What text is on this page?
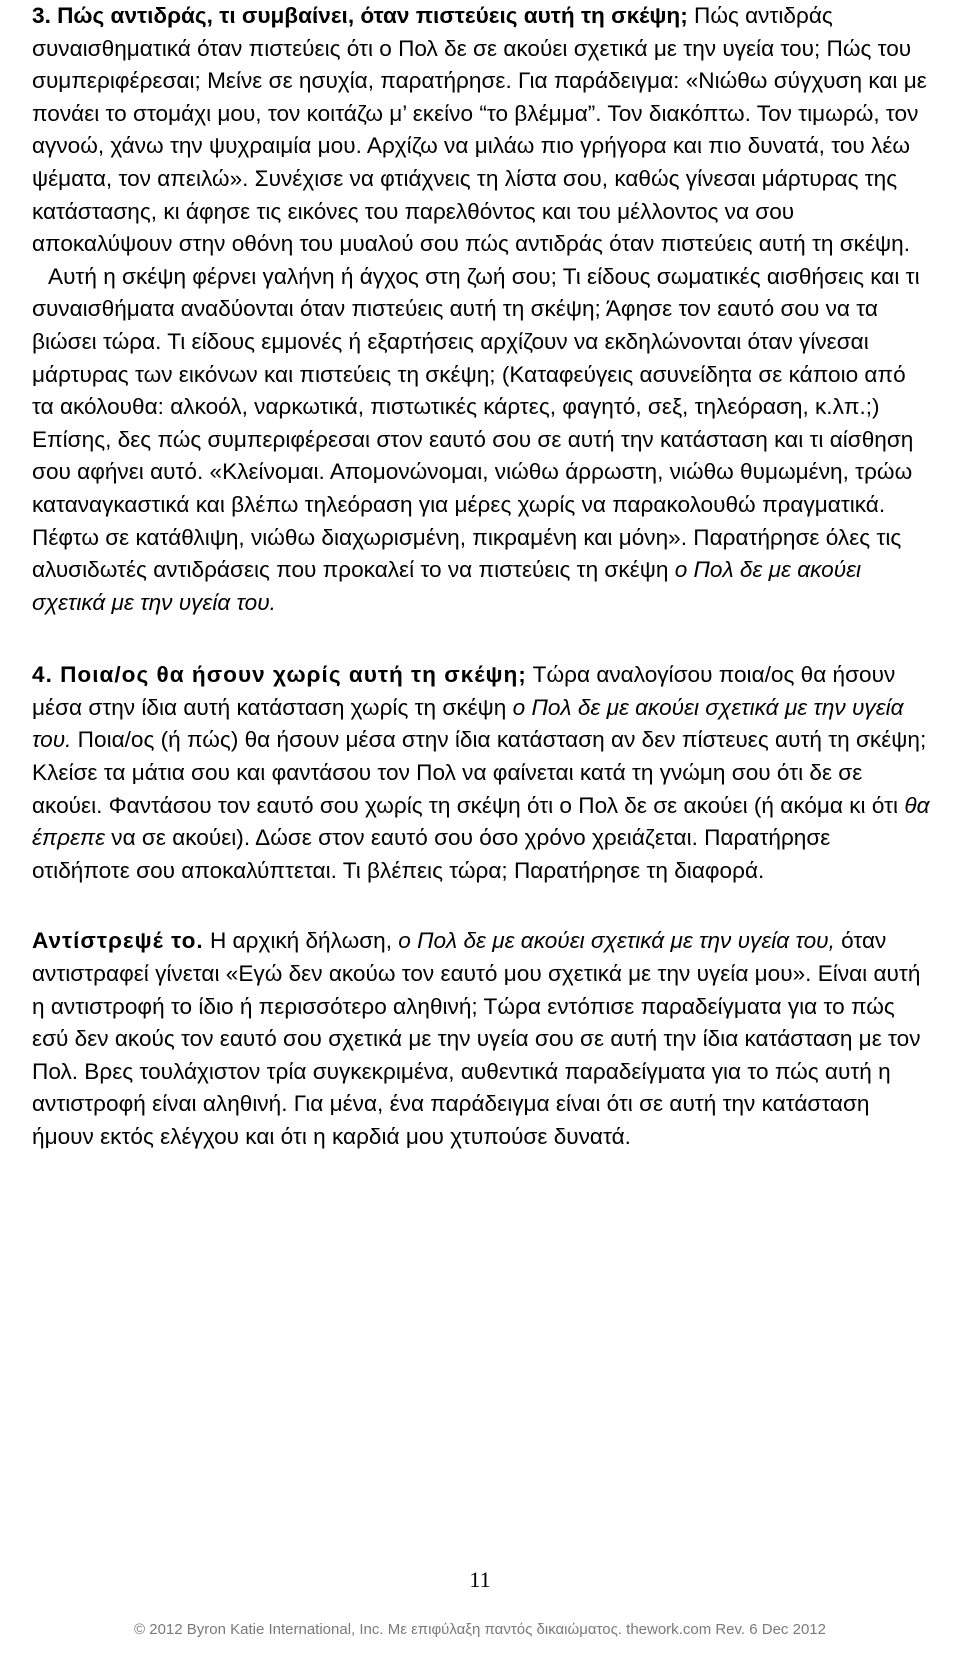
3. Πώς αντιδράς, τι συμβαίνει, όταν πιστεύεις αυτή τη σκέψη; Πώς αντιδράς συναισθηματικά όταν πιστεύεις ότι ο Πολ δε σε ακούει σχετικά με την υγεία του; Πώς του συμπεριφέρεσαι; Μείνε σε ησυχία, παρατήρησε. Για παράδειγμα: «Νιώθω σύγχυση και με πονάει το στομάχι μου, τον κοιτάζω μ’ εκείνο “το βλέμμα”. Τον διακόπτω. Τον τιμωρώ, τον αγνοώ, χάνω την ψυχραιμία μου. Αρχίζω να μιλάω πιο γρήγορα και πιο δυνατά, του λέω ψέματα, τον απειλώ». Συνέχισε να φτιάχνεις τη λίστα σου, καθώς γίνεσαι μάρτυρας της κατάστασης, κι άφησε τις εικόνες του παρελθόντος και του μέλλοντος να σου αποκαλύψουν στην οθόνη του μυαλού σου πώς αντιδράς όταν πιστεύεις αυτή τη σκέψη.

Αυτή η σκέψη φέρνει γαλήνη ή άγχος στη ζωή σου; Τι είδους σωματικές αισθήσεις και τι συναισθήματα αναδύονται όταν πιστεύεις αυτή τη σκέψη; Άφησε τον εαυτό σου να τα βιώσει τώρα. Τι είδους εμμονές ή εξαρτήσεις αρχίζουν να εκδηλώνονται όταν γίνεσαι μάρτυρας των εικόνων και πιστεύεις τη σκέψη; (Καταφεύγεις ασυνείδητα σε κάποιο από τα ακόλουθα: αλκοόλ, ναρκωτικά, πιστωτικές κάρτες, φαγητό, σεξ, τηλεόραση, κ.λπ.;) Επίσης, δες πώς συμπεριφέρεσαι στον εαυτό σου σε αυτή την κατάσταση και τι αίσθηση σου αφήνει αυτό. «Κλείνομαι. Απομονώνομαι, νιώθω άρρωστη, νιώθω θυμωμένη, τρώω καταναγκαστικά και βλέπω τηλεόραση για μέρες χωρίς να παρακολουθώ πραγματικά. Πέφτω σε κατάθλιψη, νιώθω διαχωρισμένη, πικραμένη και μόνη». Παρατήρησε όλες τις αλυσιδωτές αντιδράσεις που προκαλεί το να πιστεύεις τη σκέψη ο Πολ δε με ακούει σχετικά με την υγεία του.

4. Ποια/ος θα ήσουν χωρίς αυτή τη σκέψη; Τώρα αναλογίσου ποια/ος θα ήσουν μέσα στην ίδια αυτή κατάσταση χωρίς τη σκέψη ο Πολ δε με ακούει σχετικά με την υγεία του. Ποια/ος (ή πώς) θα ήσουν μέσα στην ίδια κατάσταση αν δεν πίστευες αυτή τη σκέψη; Κλείσε τα μάτια σου και φαντάσου τον Πολ να φαίνεται κατά τη γνώμη σου ότι δε σε ακούει. Φαντάσου τον εαυτό σου χωρίς τη σκέψη ότι ο Πολ δε σε ακούει (ή ακόμα κι ότι θα έπρεπε να σε ακούει). Δώσε στον εαυτό σου όσο χρόνο χρειάζεται. Παρατήρησε οτιδήποτε σου αποκαλύπτεται. Τι βλέπεις τώρα; Παρατήρησε τη διαφορά.

Αντίστρεψέ το. Η αρχική δήλωση, ο Πολ δε με ακούει σχετικά με την υγεία του, όταν αντιστραφεί γίνεται «Εγώ δεν ακούω τον εαυτό μου σχετικά με την υγεία μου». Είναι αυτή η αντιστροφή το ίδιο ή περισσότερο αληθινή; Τώρα εντόπισε παραδείγματα για το πώς εσύ δεν ακούς τον εαυτό σου σχετικά με την υγεία σου σε αυτή την ίδια κατάσταση με τον Πολ. Βρες τουλάχιστον τρία συγκεκριμένα, αυθεντικά παραδείγματα για το πώς αυτή η αντιστροφή είναι αληθινή. Για μένα, ένα παράδειγμα είναι ότι σε αυτή την κατάσταση ήμουν εκτός ελέγχου και ότι η καρδιά μου χτυπούσε δυνατά.

11
© 2012 Byron Katie International, Inc. Με επιφύλαξη παντός δικαιώματος. thework.com Rev. 6 Dec 2012
